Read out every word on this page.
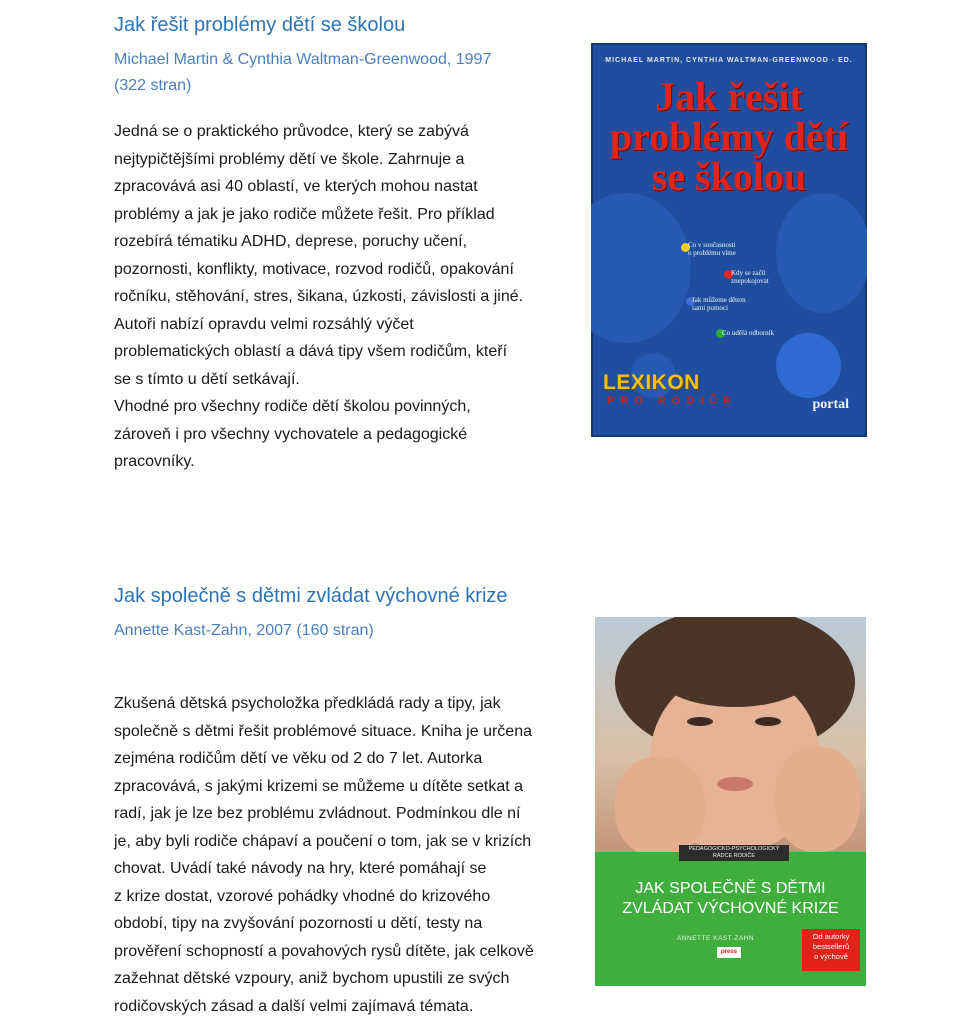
Jak řešit problémy dětí se školou

Michael Martin & Cynthia Waltman-Greenwood, 1997

(322 stran)

Jedná se o praktického průvodce, který se zabývá
nejtypičtějšími problémy dětí ve škole. Zahrnuje a
zpracovává asi 40 oblastí, ve kterých mohou nastat
problémy a jak je jako rodiče můžete řešit. Pro příklad
rozebírá tématiku ADHD, deprese, poruchy učení,
pozornosti, konflikty, motivace, rozvod rodičů, opakování
ročníku, stěhování, stres, šikana, úzkosti, závislosti a jiné.
Autoři nabízí opravdu velmi rozsáhlý výčet
problematických oblastí a dává tipy všem rodičům, kteří
se s tímto u dětí setkávají.
Vhodné pro všechny rodiče dětí školou povinných,
zároveň i pro všechny vychovatele a pedagogické
pracovníky.
MICHAEL MARTIN, CYNTHIA WALTMAN-GREENWOOD - ED.
Jak řešit
problémy dětí
se školou
Co v současnosti
o problému víme
Kdy se začít
znepokojovat
Jak můžeme dětem
sami pomoci
Co udělá odborník
LEXIKON
PRO RODIČE	portal
Jak společně s dětmi zvládat výchovné krize

Annette Kast-Zahn, 2007 (160 stran)

Zkušená dětská psycholožka předkládá rady a tipy, jak
společně s dětmi řešit problémové situace. Kniha je určena
zejména rodičům dětí ve věku od 2 do 7 let. Autorka
zpracovává, s jakými krizemi se můžeme u dítěte setkat a
radí, jak je lze bez problému zvládnout. Podmínkou dle ní
je, aby byli rodiče chápaví a poučení o tom, jak se v krizích
chovat. Uvádí také návody na hry, které pomáhají se
z krize dostat, vzorové pohádky vhodné do krizového
období, tipy na zvyšování pozornosti u dětí, testy na
prověření schopností a povahových rysů dítěte, jak celkově
zažehnat dětské vzpoury, aniž bychom upustili ze svých
rodičovských zásad a další velmi zajímavá témata.
PEDAGOGICKO-PSYCHOLOGICKÝ
RÁDCE RODIČE
JAK SPOLEČNĚ S DĚTMI
ZVLÁDAT VÝCHOVNÉ KRIZE
ANNETTE KAST-ZAHN
press
Od autorky
bestsellerů
o výchově
